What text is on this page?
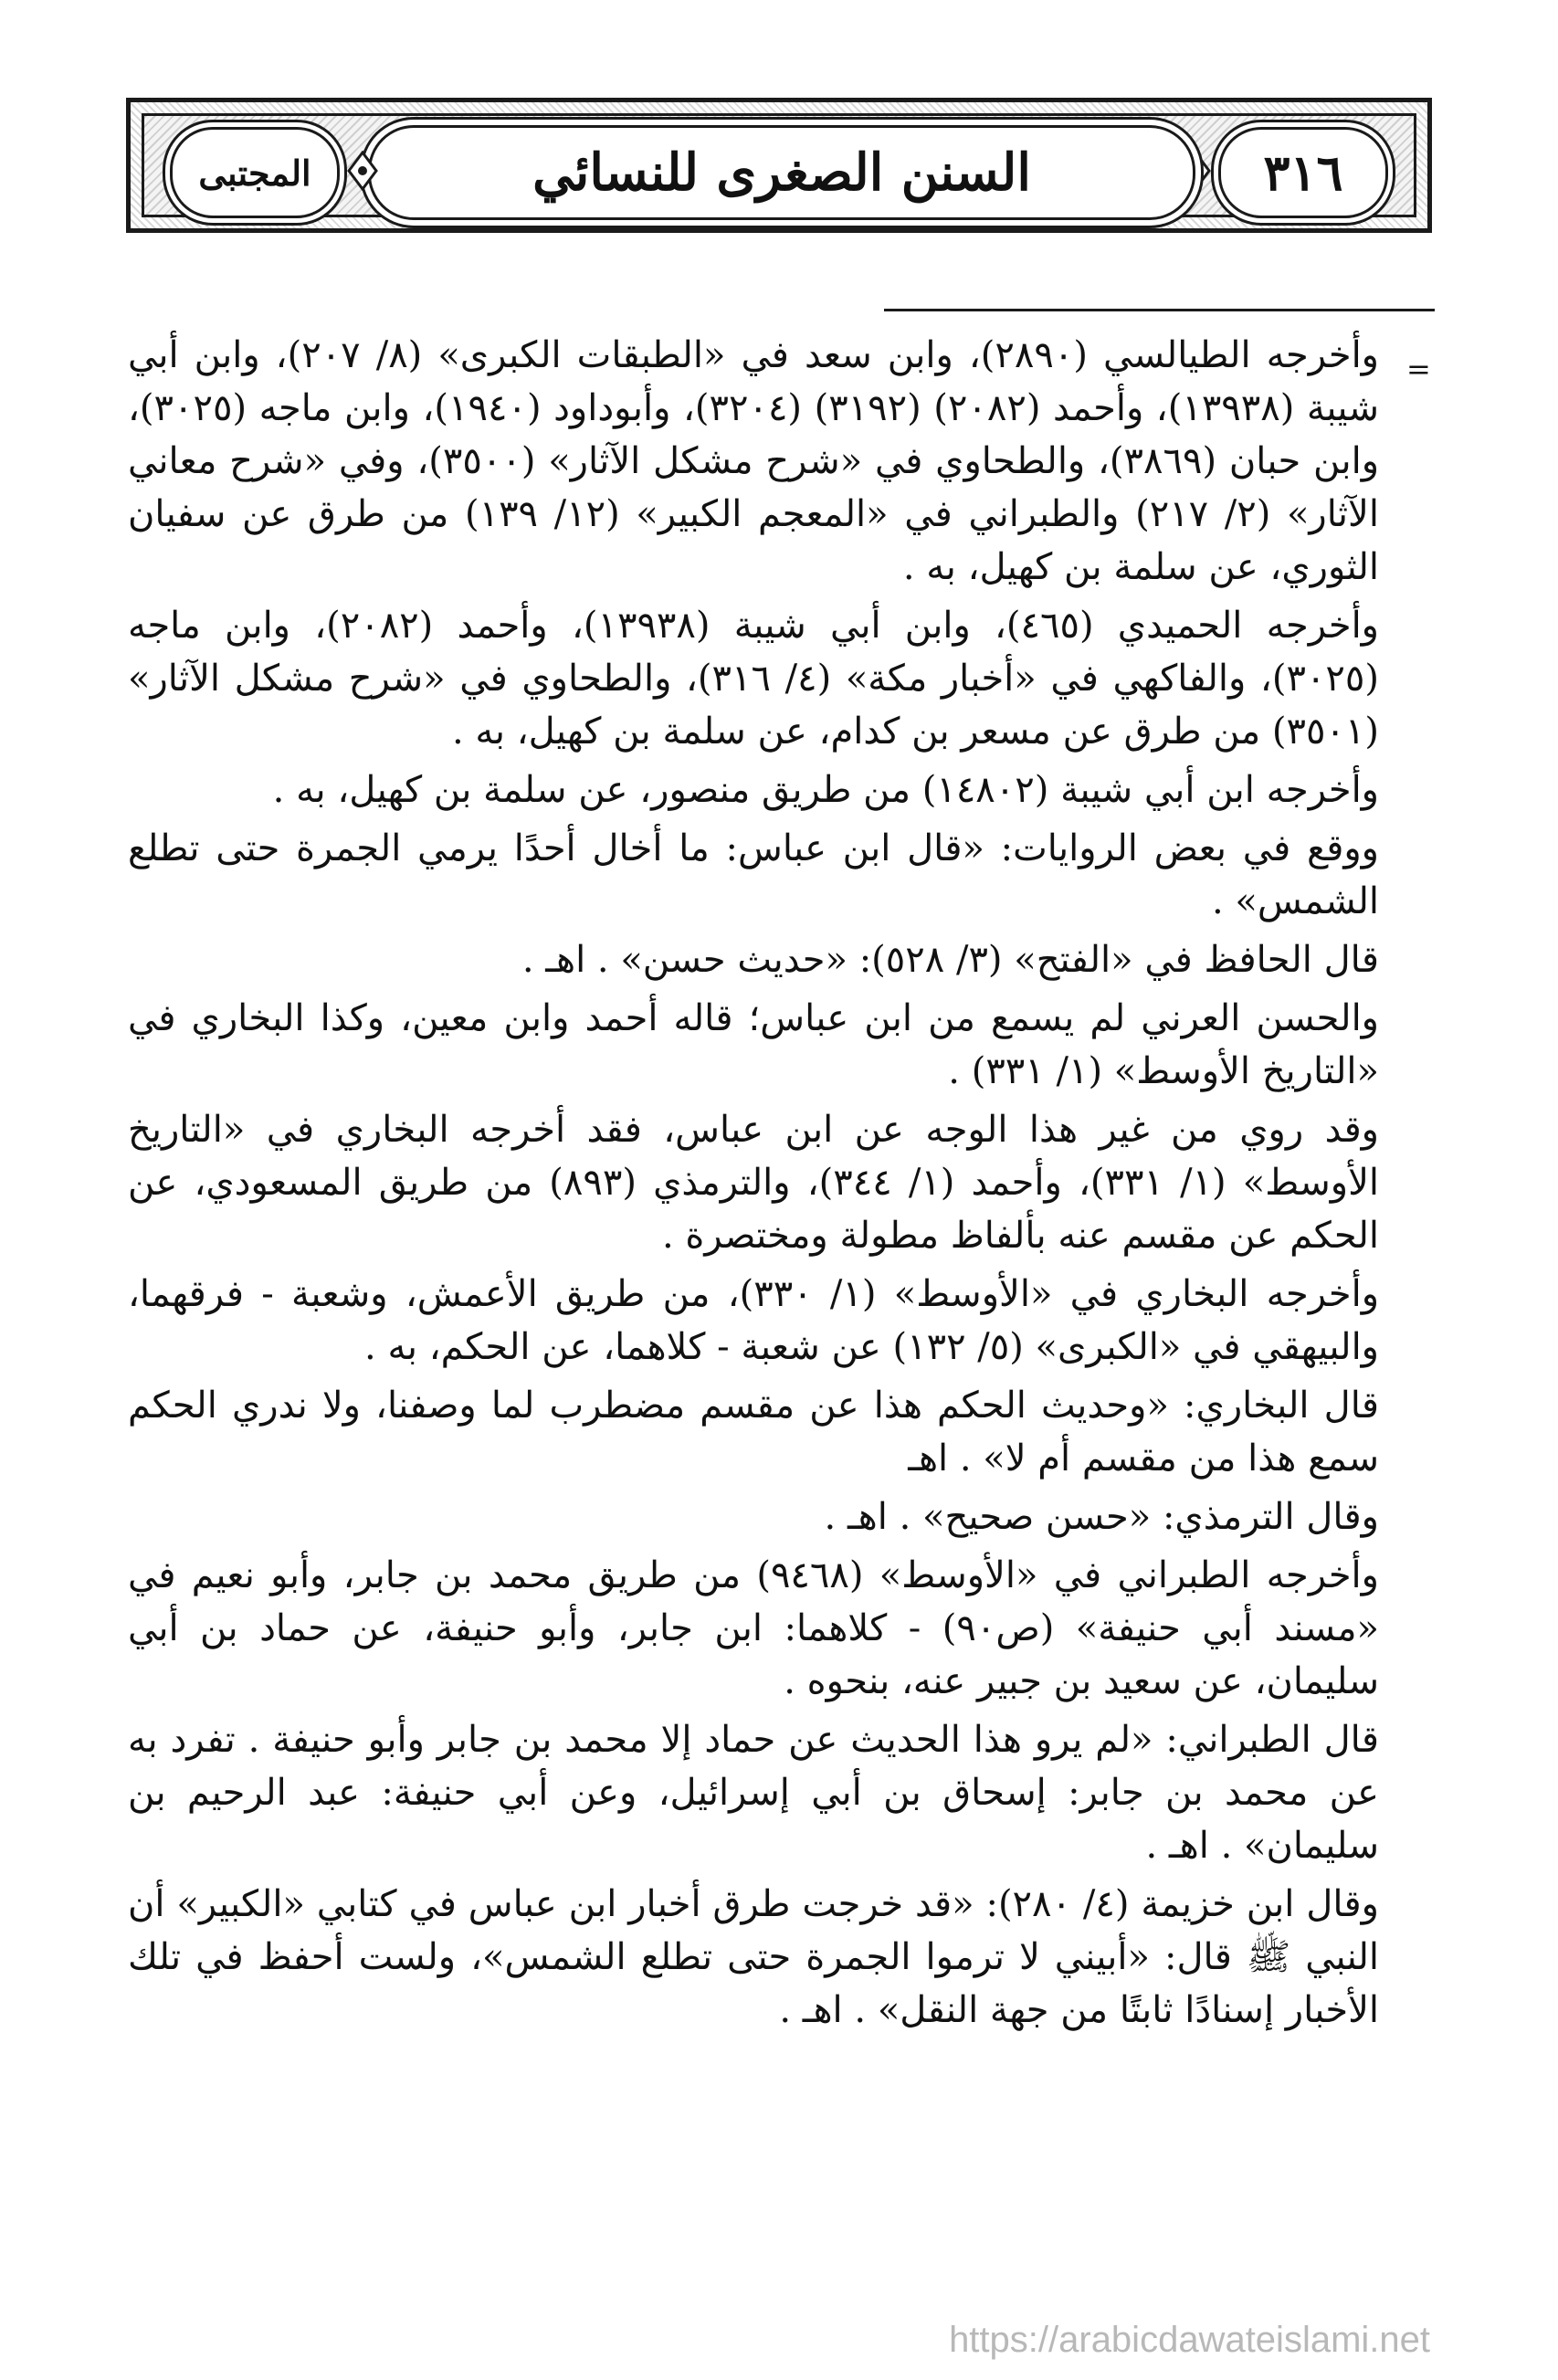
٣١٦
السنن الصغرى للنسائي
المجتبى
=

وأخرجه الطيالسي (٢٨٩٠)، وابن سعد في «الطبقات الكبرى» (٨/ ٢٠٧)، وابن أبي شيبة (١٣٩٣٨)، وأحمد (٢٠٨٢) (٣١٩٢) (٣٢٠٤)، وأبوداود (١٩٤٠)، وابن ماجه (٣٠٢٥)، وابن حبان (٣٨٦٩)، والطحاوي في «شرح مشكل الآثار» (٣٥٠٠)، وفي «شرح معاني الآثار» (٢/ ٢١٧) والطبراني في «المعجم الكبير» (١٢/ ١٣٩) من طرق عن سفيان الثوري، عن سلمة بن كهيل، به .

وأخرجه الحميدي (٤٦٥)، وابن أبي شيبة (١٣٩٣٨)، وأحمد (٢٠٨٢)، وابن ماجه (٣٠٢٥)، والفاكهي في «أخبار مكة» (٤/ ٣١٦)، والطحاوي في «شرح مشكل الآثار» (٣٥٠١) من طرق عن مسعر بن كدام، عن سلمة بن كهيل، به .

وأخرجه ابن أبي شيبة (١٤٨٠٢) من طريق منصور، عن سلمة بن كهيل، به .

ووقع في بعض الروايات: «قال ابن عباس: ما أخال أحدًا يرمي الجمرة حتى تطلع الشمس» .

قال الحافظ في «الفتح» (٣/ ٥٢٨): «حديث حسن» . اهـ .

والحسن العرني لم يسمع من ابن عباس؛ قاله أحمد وابن معين، وكذا البخاري في «التاريخ الأوسط» (١/ ٣٣١) .

وقد روي من غير هذا الوجه عن ابن عباس، فقد أخرجه البخاري في «التاريخ الأوسط» (١/ ٣٣١)، وأحمد (١/ ٣٤٤)، والترمذي (٨٩٣) من طريق المسعودي، عن الحكم عن مقسم عنه بألفاظ مطولة ومختصرة .

وأخرجه البخاري في «الأوسط» (١/ ٣٣٠)، من طريق الأعمش، وشعبة - فرقهما، والبيهقي في «الكبرى» (٥/ ١٣٢) عن شعبة - كلاهما، عن الحكم، به .

قال البخاري: «وحديث الحكم هذا عن مقسم مضطرب لما وصفنا، ولا ندري الحكم سمع هذا من مقسم أم لا» . اهـ

وقال الترمذي: «حسن صحيح» . اهـ .

وأخرجه الطبراني في «الأوسط» (٩٤٦٨) من طريق محمد بن جابر، وأبو نعيم في «مسند أبي حنيفة» (ص٩٠) - كلاهما: ابن جابر، وأبو حنيفة، عن حماد بن أبي سليمان، عن سعيد بن جبير عنه، بنحوه .

قال الطبراني: «لم يرو هذا الحديث عن حماد إلا محمد بن جابر وأبو حنيفة . تفرد به عن محمد بن جابر: إسحاق بن أبي إسرائيل، وعن أبي حنيفة: عبد الرحيم بن سليمان» . اهـ .

وقال ابن خزيمة (٤/ ٢٨٠): «قد خرجت طرق أخبار ابن عباس في كتابي «الكبير» أن النبي ﷺ قال: «أبيني لا ترموا الجمرة حتى تطلع الشمس»، ولست أحفظ في تلك الأخبار إسنادًا ثابتًا من جهة النقل» . اهـ .

https://arabicdawateislami.net
